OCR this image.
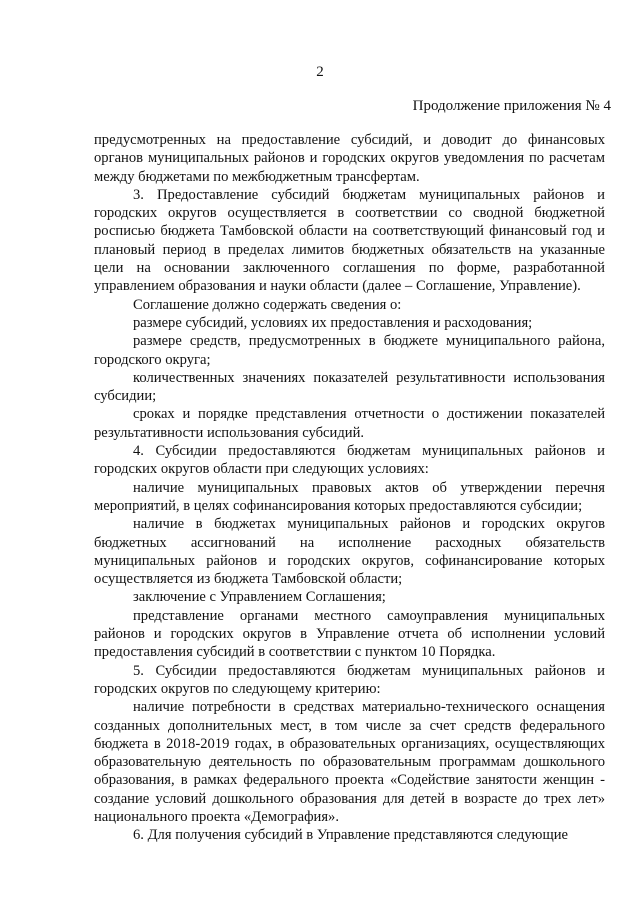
2
Продолжение приложения № 4

предусмотренных на предоставление субсидий, и доводит до финансовых органов муниципальных районов и городских округов уведомления по расчетам между бюджетами по межбюджетным трансфертам.

3. Предоставление субсидий бюджетам муниципальных районов и городских округов осуществляется в соответствии со сводной бюджетной росписью бюджета Тамбовской области на соответствующий финансовый год и плановый период в пределах лимитов бюджетных обязательств на указанные цели на основании заключенного соглашения по форме, разработанной управлением образования и науки области (далее – Соглашение, Управление).

Соглашение должно содержать сведения о:

размере субсидий, условиях их предоставления и расходования;

размере средств, предусмотренных в бюджете муниципального района, городского округа;

количественных значениях показателей результативности использования субсидии;

сроках и порядке представления отчетности о достижении показателей результативности использования субсидий.

4. Субсидии предоставляются бюджетам муниципальных районов и городских округов области при следующих условиях:

наличие муниципальных правовых актов об утверждении перечня мероприятий, в целях софинансирования которых предоставляются субсидии;

наличие в бюджетах муниципальных районов и городских округов бюджетных ассигнований на исполнение расходных обязательств муниципальных районов и городских округов, софинансирование которых осуществляется из бюджета Тамбовской области;

заключение с Управлением Соглашения;

представление органами местного самоуправления муниципальных районов и городских округов в Управление отчета об исполнении условий предоставления субсидий в соответствии с пунктом 10 Порядка.

5. Субсидии предоставляются бюджетам муниципальных районов и городских округов по следующему критерию:

наличие потребности в средствах материально-технического оснащения созданных дополнительных мест, в том числе за счет средств федерального бюджета в 2018-2019 годах, в образовательных организациях, осуществляющих образовательную деятельность по образовательным программам дошкольного образования, в рамках федерального проекта «Содействие занятости женщин - создание условий дошкольного образования для детей в возрасте до трех лет» национального проекта «Демография».

6. Для получения субсидий в Управление представляются следующие
